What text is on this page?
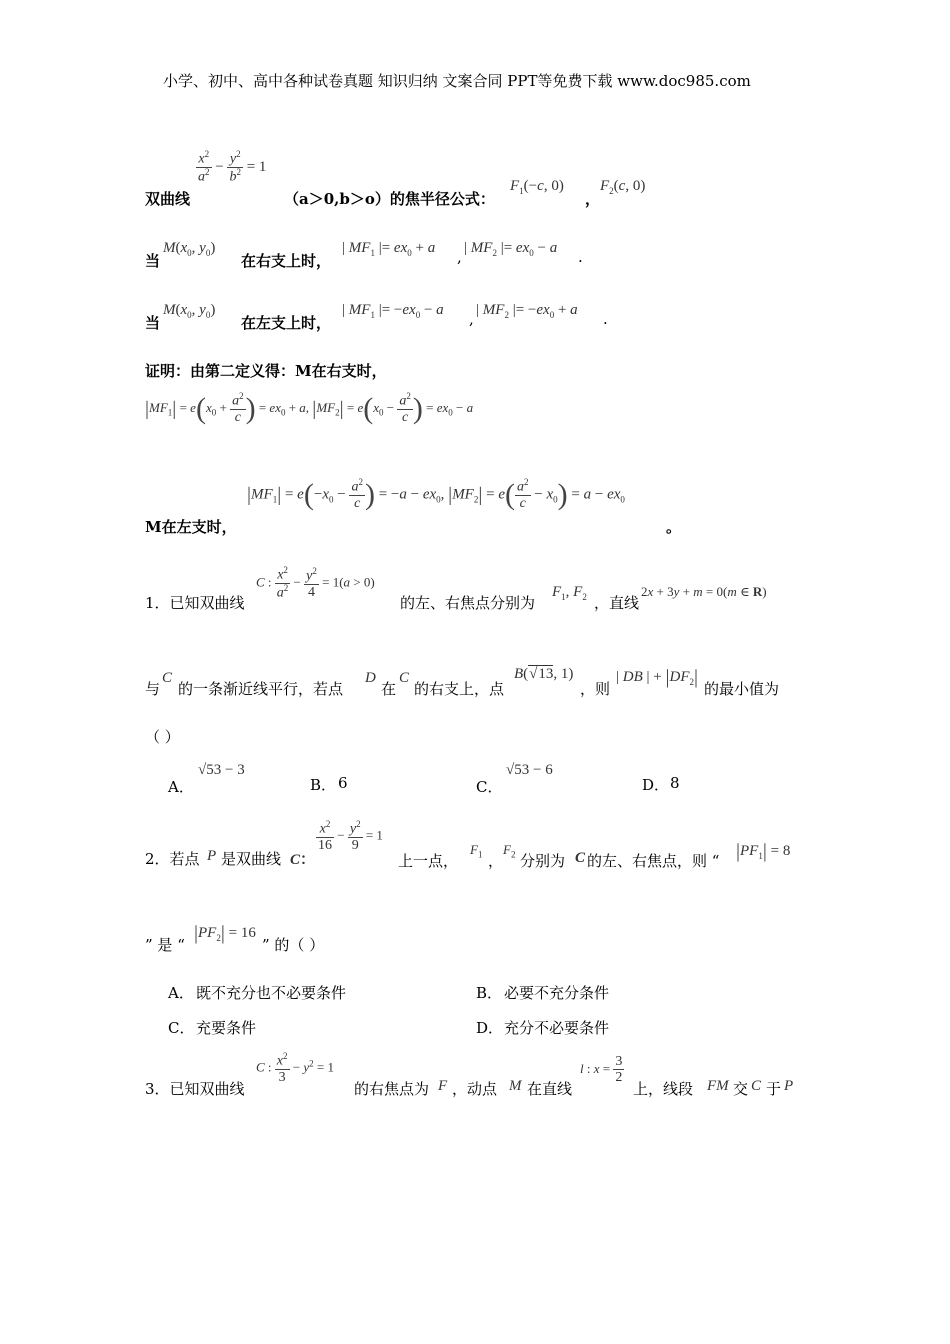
小学、初中、高中各种试卷真题 知识归纳 文案合同 PPT等免费下载 www.doc985.com
双曲线
$\frac{x^2}{a^2} - \frac{y^2}{b^2} = 1$
（a＞0,b＞o）的焦半径公式：
$F_1(-c$, 0)
，
$F_2(c$, 0)
当
$M(x_0$, $y_0$)
在右支上时，
| $MF_1$ |= $ex_0 + a$ , | $MF_2$ |= $ex_0 - a$ .
当
$M(x_0$, $y_0$)
在左支上时，
| $MF_1$ |= $-ex_0 - a$ , | $MF_2$ |= $-ex_0 + a$ .
证明：由第二定义得：M在右支时，
$|MF_1| = e(x_0 + \frac{a^2}{c}$ ) = $ex_0 + a$, $|MF_2| = e(x_0 - \frac{a^2}{c}$ ) = $ex_0 - a$
M在左支时，
$|MF_1| = e(-x_0 - \frac{a^2}{c}$ ) = $-a - ex_0$, $|MF_2| = e( \frac{a^2}{c} - x_0) = a - ex_0$
。
1．已知双曲线
C : $\frac{x^2}{a^2} - \frac{y^2}{4} = 1(a > 0)$
的左、右焦点分别为
$F_1$, $F_2$ ，直线
2x + 3y + m = 0(m ∈ R)
与
C
的一条渐近线平行，若点
D
在
C
的右支上，点
B(√13, 1)
，则
| DB | + $|DF_2|$
的最小值为
（ ）
A．
√53 − 3
B． 6	C．
√53 − 6
D． 8
2．若点 P 是双曲线 C：
$\frac{x^2}{16} - \frac{y^2}{9} = 1$
上一点，
$F_1$ ，
$F_2$ 分别为 C 的左、右焦点，则 “ $|PF_1| = 8$
” 是 “
$|PF_2| = 16$
” 的（ ）
A． 既不充分也不必要条件	B． 必要不充分条件
C． 充要条件	D． 充分不必要条件
3．已知双曲线
C : $\frac{x^2}{3} - y^2 = 1$
的右焦点为 F ，动点 M 在直线
l : $x = \frac{3}{2}$
上，线段 FM 交 C 于 P
